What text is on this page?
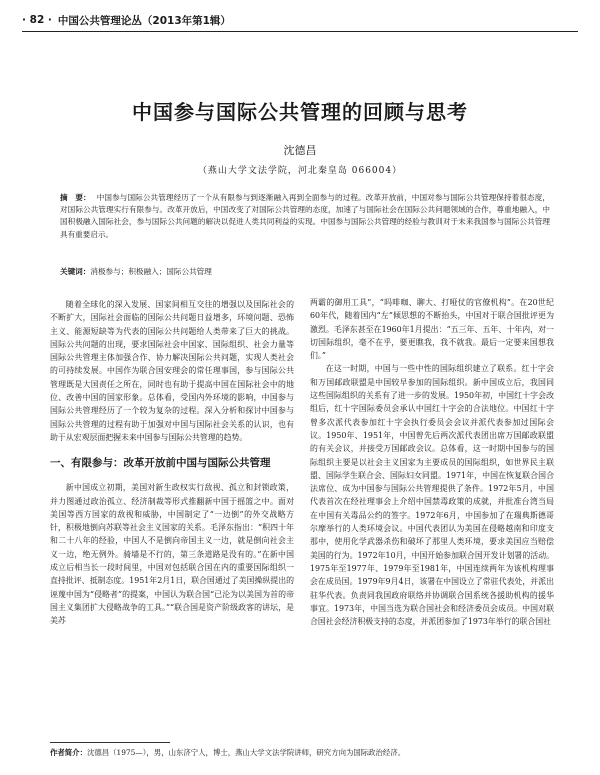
· 82 · 中国公共管理论丛（2013年第1辑）
中国参与国际公共管理的回顾与思考
沈德昌
（燕山大学文法学院，河北秦皇岛 066004）
摘　要： 中国参与国际公共管理经历了一个从有限参与到逐渐融入再到全面参与的过程。改革开放前，中国对参与国际公共管理保持着很态度，对国际公共管理实行有限参与。改革开放后，中国改变了对国际公共管理的态度，加速了与国际社会在国际公共问题领域的合作，尊重地融入，中国积极融入国际社会，参与国际公共问题的解决以促进人类共同利益的实现。中国参与国际公共管理的经验与教训对于未来我国参与国际公共管理具有重要启示。
关键词：消极参与；积极融入；国际公共管理

随着全球化的深入发展、国家间相互交往的增强以及国际社会的不断扩大，国际社会面临的国际公共问题日益增多，环境问题、恐怖主义、能源短缺等为代表的国际公共问题给人类带来了巨大的挑战。国际公共问题的出现，要求国际社会中国家、国际组织、社会力量等国际公共管理主体加强合作、协力解决国际公共问题，实现人类社会的可持续发展。中国作为联合国安理会的常任理事国，参与国际公共管理既是大国责任之所在，同时也有助于提高中国在国际社会中的地位、改善中国的国家形象。总体看，受国内外环境的影响，中国参与国际公共管理经历了一个较为复杂的过程。深入分析和探讨中国参与国际公共管理的过程有助于加强对中国与国际社会关系的认识，也有助于从宏观层面把握未来中国参与国际公共管理的趋势。

一、有限参与：改革开放前中国与国际公共管理

新中国成立初期，美国对新生政权实行敌视、孤立和封锁政策，并力图通过政治孤立、经济制裁等形式推翻新中国于摇篮之中。面对美国等西方国家的敌视和威胁，中国制定了“一边倒”的外交战略方针，积极地倒向苏联等社会主义国家的关系。毛泽东指出：“积四十年和二十八年的经验，中国人不是倒向帝国主义一边，就是倒向社会主义一边，绝无例外。骑墙是不行的，第三条道路是没有的。”在新中国成立后相当长一段时间里，中国对包括联合国在内的重要国际组织一直持批评、抵制态度。1951年2月1日，联合国通过了美国操纵提出的诬蔑中国为“侵略者”的提案，中国认为联合国“已沦为以美国为首的帝国主义集团扩大侵略战争的工具。”“联合国是资产阶级政客的讲坛，是美苏

两霸的御用工具”，“吗啡咖、聊大、打哑仗的官僚机构”。在20世纪60年代，随着国内“左”倾思想的不断抬头，中国对于联合国批评更为激烈。毛泽东甚至在1960年1月提出：“五三年、五年、十年内，对一切国际组织，毫不在乎，要更瞧我，我不就我。最后一定要来国想我们。”

在这一时期，中国与一些中性的国际组织建立了联系。红十字会和万国邮政联盟是中国较早参加的国际组织。新中国成立后，我国同这些国际组织的关系有了进一步的发展。1950年初，中国红十字会改组后，红十字国际委员会承认中国红十字会的合法地位。中国红十字曾多次派代表参加红十字会执行委员会会议并派代表参加过国际会议。1950年、1951年，中国曾先后两次派代表团出席万国邮政联盟的有关会议，并接受万国邮政会议。总体看，这一时期中国参与的国际组织主要是以社会主义国家为主要成员的国际组织，如世界民主联盟、国际学生联合会、国际妇女同盟。1971年，中国在恢复联合国合法席位、成为中国参与国际公共管理提供了条件。1972年5月，中国代表首次在经社理事会上介绍中国禁毒政策的成就，并批准台湾当局在中国有关毒品公约的签字。1972年6月，中国参加了在瑞典斯德哥尔摩举行的人类环境会议。中国代表团认为美国在侵略越南和印度支那中，使用化学武器杀伤和破坏了那里人类环境，要求美国应当赔偿美国的行为。1972年10月，中国开始参加联合国开发计划署的活动。1975年至1977年、1979年至1981年，中国连续两年为该机构理事会在成员国。1979年9月4日，该署在中国设立了常驻代表处，并派出驻华代表。负责同我国政府联络并协调联合国系统各援助机构的援华事宜。1973年，中国当选为联合国社会和经济委员会成员。中国对联合国社会经济积极支持的态度，并派团参加了1973年举行的联合国社

作者简介：沈德昌（1975—），男，山东济宁人，博士，燕山大学文法学院讲师，研究方向为国际政治经济。
